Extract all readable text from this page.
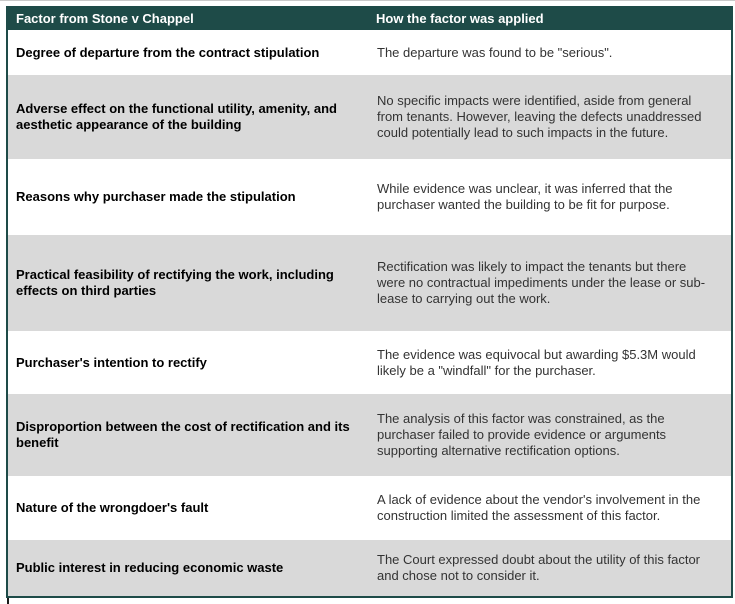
Factor from Stone v Chappel	How the factor was applied
Degree of departure from the contract stipulation	The departure was found to be "serious".
Adverse effect on the functional utility, amenity, and aesthetic appearance of the building	No specific impacts were identified, aside from general from tenants. However, leaving the defects unaddressed could potentially lead to such impacts in the future.
Reasons why purchaser made the stipulation	While evidence was unclear, it was inferred that the purchaser wanted the building to be fit for purpose.
Practical feasibility of rectifying the work, including effects on third parties	Rectification was likely to impact the tenants but there were no contractual impediments under the lease or sub-lease to carrying out the work.
Purchaser's intention to rectify	The evidence was equivocal but awarding $5.3M would likely be a "windfall" for the purchaser.
Disproportion between the cost of rectification and its benefit	The analysis of this factor was constrained, as the purchaser failed to provide evidence or arguments supporting alternative rectification options.
Nature of the wrongdoer's fault	A lack of evidence about the vendor's involvement in the construction limited the assessment of this factor.
Public interest in reducing economic waste	The Court expressed doubt about the utility of this factor and chose not to consider it.
